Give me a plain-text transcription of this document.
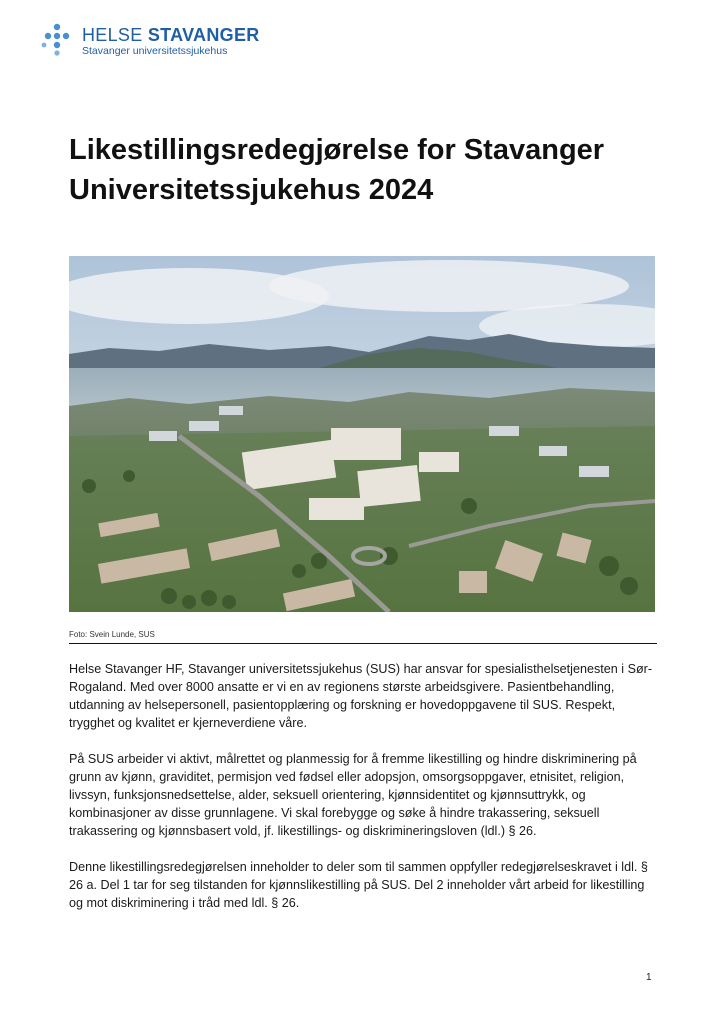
HELSE STAVANGER
Stavanger universitetssjukehus
Likestillingsredegjørelse for Stavanger Universitetssjukehus 2024
Foto: Svein Lunde, SUS

Helse Stavanger HF, Stavanger universitetssjukehus (SUS) har ansvar for spesialisthelsetjenesten i Sør-Rogaland. Med over 8000 ansatte er vi en av regionens største arbeidsgivere. Pasientbehandling, utdanning av helsepersonell, pasientopplæring og forskning er hovedoppgavene til SUS. Respekt, trygghet og kvalitet er kjerneverdiene våre.

På SUS arbeider vi aktivt, målrettet og planmessig for å fremme likestilling og hindre diskriminering på grunn av kjønn, graviditet, permisjon ved fødsel eller adopsjon, omsorgsoppgaver, etnisitet, religion, livssyn, funksjonsnedsettelse, alder, seksuell orientering, kjønnsidentitet og kjønnsuttrykk, og kombinasjoner av disse grunnlagene. Vi skal forebygge og søke å hindre trakassering, seksuell trakassering og kjønnsbasert vold, jf. likestillings- og diskrimineringsloven (ldl.) § 26.

Denne likestillingsredegjørelsen inneholder to deler som til sammen oppfyller redegjørelseskravet i ldl. § 26 a. Del 1 tar for seg tilstanden for kjønnslikestilling på SUS. Del 2 inneholder vårt arbeid for likestilling og mot diskriminering i tråd med ldl. § 26.

1
